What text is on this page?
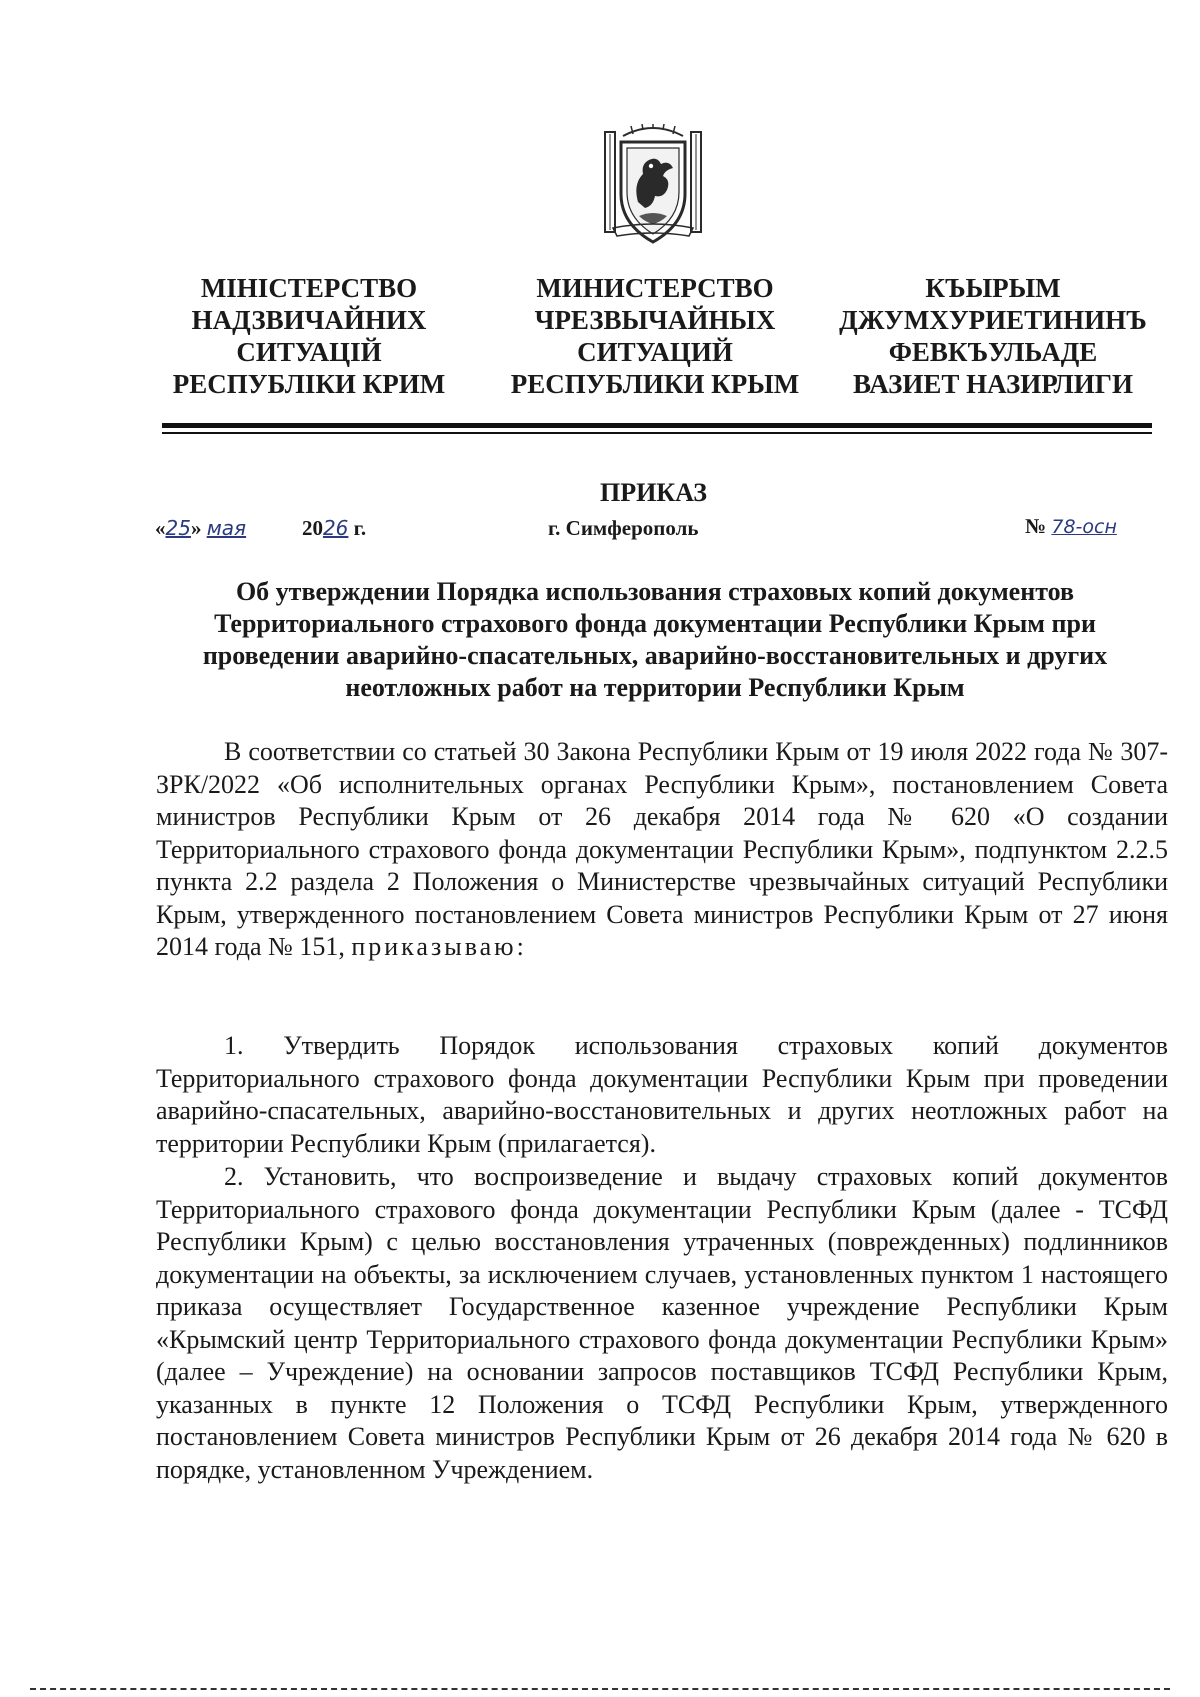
МІНІСТЕРСТВО
НАДЗВИЧАЙНИХ
СИТУАЦІЙ
РЕСПУБЛІКИ КРИМ
МИНИСТЕРСТВО
ЧРЕЗВЫЧАЙНЫХ
СИТУАЦИЙ
РЕСПУБЛИКИ КРЫМ
КЪЫРЫМ
ДЖУМХУРИЕТИНИНЪ
ФЕВКЪУЛЬАДЕ
ВАЗИЕТ НАЗИРЛИГИ
ПРИКАЗ
«25» мая	2026 г.	г. Симферополь	№ 78-осн
Об утверждении Порядка использования страховых копий документов
Территориального страхового фонда документации Республики Крым при
проведении аварийно-спасательных, аварийно-восстановительных и других
неотложных работ на территории Республики Крым
В соответствии со статьей 30 Закона Республики Крым от 19 июля 2022 года № 307-ЗРК/2022 «Об исполнительных органах Республики Крым», постановлением Совета министров Республики Крым от 26 декабря 2014 года № 620 «О создании Территориального страхового фонда документации Республики Крым», подпунктом 2.2.5 пункта 2.2 раздела 2 Положения о Министерстве чрезвычайных ситуаций Республики Крым, утвержденного постановлением Совета министров Республики Крым от 27 июня 2014 года № 151, приказываю:
1. Утвердить Порядок использования страховых копий документов Территориального страхового фонда документации Республики Крым при проведении аварийно-спасательных, аварийно-восстановительных и других неотложных работ на территории Республики Крым (прилагается).
2. Установить, что воспроизведение и выдачу страховых копий документов Территориального страхового фонда документации Республики Крым (далее - ТСФД Республики Крым) с целью восстановления утраченных (поврежденных) подлинников документации на объекты, за исключением случаев, установленных пунктом 1 настоящего приказа осуществляет Государственное казенное учреждение Республики Крым «Крымский центр Территориального страхового фонда документации Республики Крым» (далее – Учреждение) на основании запросов поставщиков ТСФД Республики Крым, указанных в пункте 12 Положения о ТСФД Республики Крым, утвержденного постановлением Совета министров Республики Крым от 26 декабря 2014 года № 620 в порядке, установленном Учреждением.
